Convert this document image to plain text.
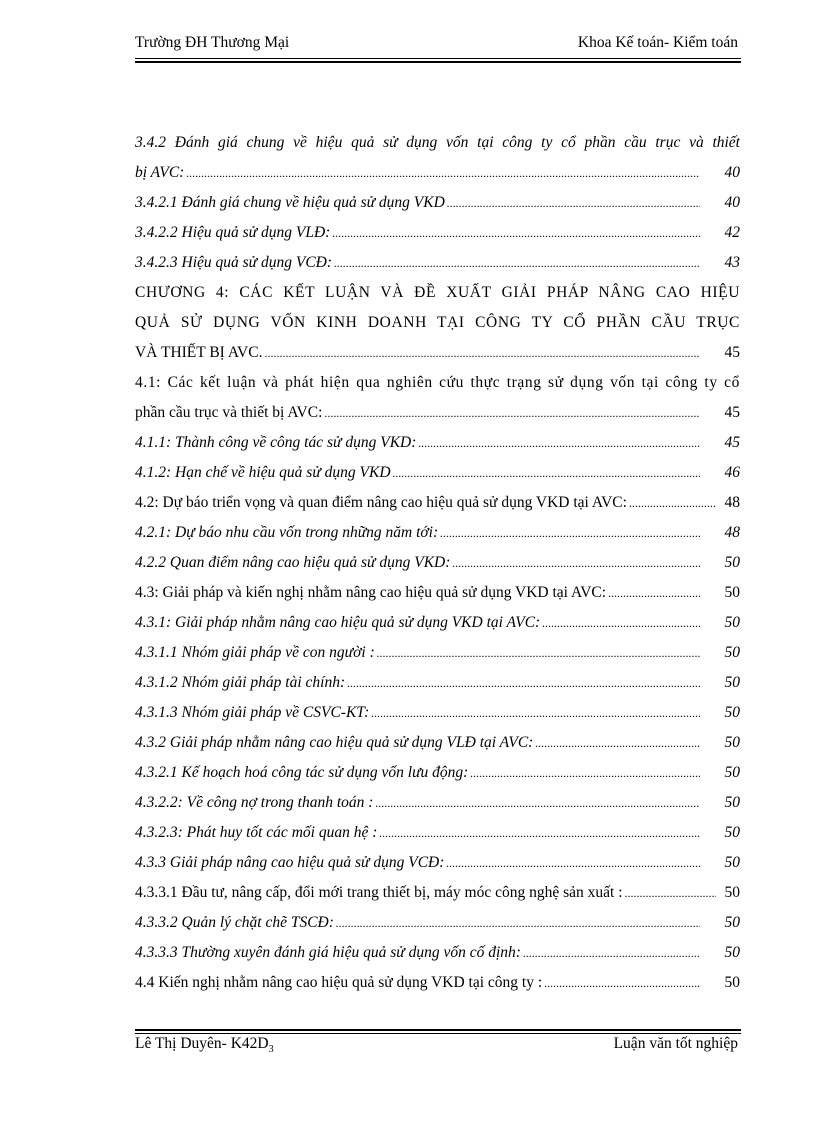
Trường ĐH Thương Mại	Khoa Kế toán- Kiểm toán
3.4.2 Đánh giá chung về hiệu quả sử dụng vốn tại công ty cổ phần cầu trục và thiết
bị AVC: .....	40
3.4.2.1 Đánh giá chung về hiệu quả sử dụng VKD .....	40
3.4.2.2 Hiệu quả sử dụng VLĐ: .....	42
3.4.2.3 Hiệu quả sử dụng VCĐ: .....	43
CHƯƠNG 4: CÁC KẾT LUẬN VÀ ĐỀ XUẤT GIẢI PHÁP NÂNG CAO HIỆU
QUẢ SỬ DỤNG VỐN KINH DOANH TẠI CÔNG TY CỔ PHẦN CẦU TRỤC
VÀ THIẾT BỊ AVC. .....	45
4.1: Các kết luận và phát hiện qua nghiên cứu thực trạng sử dụng vốn tại công ty cổ
phần cầu trục và thiết bị AVC: .....	45
4.1.1: Thành công về công tác sử dụng VKD: .....	45
4.1.2: Hạn chế về hiệu quả sử dụng VKD .....	46
4.2: Dự báo triển vọng và quan điểm nâng cao hiệu quả sử dụng VKD tại AVC: .....	48
4.2.1: Dự báo nhu cầu vốn trong những năm tới: .....	48
4.2.2 Quan điểm nâng cao hiệu quả sử dụng VKD: .....	50
4.3: Giải pháp và kiến nghị nhằm nâng cao hiệu quả sử dụng VKD tại AVC: .....	50
4.3.1: Giải pháp nhằm nâng cao hiệu quả sử dụng VKD tại AVC: .....	50
4.3.1.1 Nhóm giải pháp về con người : .....	50
4.3.1.2 Nhóm giải pháp tài chính: .....	50
4.3.1.3 Nhóm giải pháp về CSVC-KT: .....	50
4.3.2 Giải pháp nhằm nâng cao hiệu quả sử dụng VLĐ tại AVC: .....	50
4.3.2.1 Kế hoạch hoá công tác sử dụng vốn lưu động: .....	50
4.3.2.2: Về công nợ trong thanh toán : .....	50
4.3.2.3: Phát huy tốt các mối quan hệ : .....	50
4.3.3 Giải pháp nâng cao hiệu quả sử dụng VCĐ: .....	50
4.3.3.1 Đầu tư, nâng cấp, đổi mới trang thiết bị, máy móc công nghệ sản xuất : .....	50
4.3.3.2 Quản lý chặt chẽ TSCĐ: .....	50
4.3.3.3 Thường xuyên đánh giá hiệu quả sử dụng vốn cố định: .....	50
4.4 Kiến nghị nhằm nâng cao hiệu quả sử dụng VKD tại công ty : .....	50
Lê Thị Duyên- $K42D_3$	Luận văn tốt nghiệp
